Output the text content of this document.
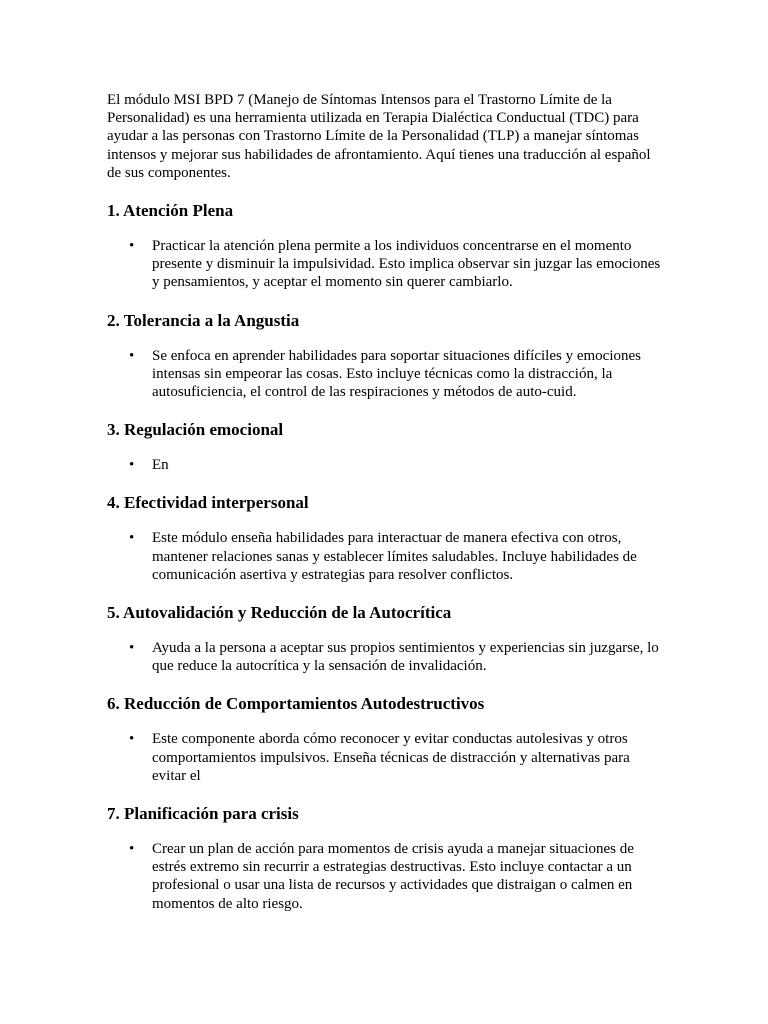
El módulo MSI BPD 7 (Manejo de Síntomas Intensos para el Trastorno Límite de la Personalidad) es una herramienta utilizada en Terapia Dialéctica Conductual (TDC) para ayudar a las personas con Trastorno Límite de la Personalidad (TLP) a manejar síntomas intensos y mejorar sus habilidades de afrontamiento. Aquí tienes una traducción al español de sus componentes.

1. Atención Plena
• Practicar la atención plena permite a los individuos concentrarse en el momento presente y disminuir la impulsividad. Esto implica observar sin juzgar las emociones y pensamientos, y aceptar el momento sin querer cambiarlo.
2. Tolerancia a la Angustia
• Se enfoca en aprender habilidades para soportar situaciones difíciles y emociones intensas sin empeorar las cosas. Esto incluye técnicas como la distracción, la autosuficiencia, el control de las respiraciones y métodos de auto-cuid.
3. Regulación emocional
• En
4. Efectividad interpersonal
• Este módulo enseña habilidades para interactuar de manera efectiva con otros, mantener relaciones sanas y establecer límites saludables. Incluye habilidades de comunicación asertiva y estrategias para resolver conflictos.
5. Autovalidación y Reducción de la Autocrítica
• Ayuda a la persona a aceptar sus propios sentimientos y experiencias sin juzgarse, lo que reduce la autocrítica y la sensación de invalidación.
6. Reducción de Comportamientos Autodestructivos
• Este componente aborda cómo reconocer y evitar conductas autolesivas y otros comportamientos impulsivos. Enseña técnicas de distracción y alternativas para evitar el
7. Planificación para crisis
• Crear un plan de acción para momentos de crisis ayuda a manejar situaciones de estrés extremo sin recurrir a estrategias destructivas. Esto incluye contactar a un profesional o usar una lista de recursos y actividades que distraigan o calmen en momentos de alto riesgo.
